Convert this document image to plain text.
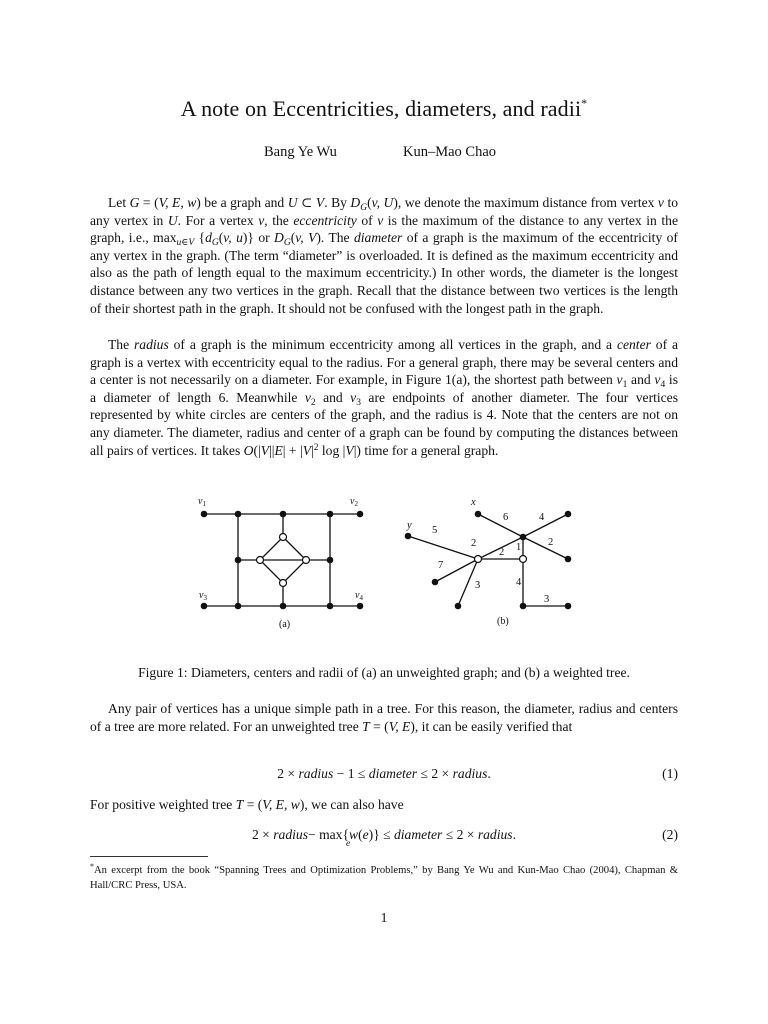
A note on Eccentricities, diameters, and radii*
Bang Ye Wu	Kun–Mao Chao

Let G = (V, E, w) be a graph and U ⊂ V. By $D_G(v$, U), we denote the maximum distance from vertex v to any vertex in U. For a vertex v, the eccentricity of v is the maximum of the distance to any vertex in the graph, i.e., $\max_{u\in V} \{d_G(v$, u)} or $D_G(v$, V). The diameter of a graph is the maximum of the eccentricity of any vertex in the graph. (The term “diameter” is overloaded. It is defined as the maximum eccentricity and also as the path of length equal to the maximum eccentricity.) In other words, the diameter is the longest distance between any two vertices in the graph. Recall that the distance between two vertices is the length of their shortest path in the graph. It should not be confused with the longest path in the graph.

The radius of a graph is the minimum eccentricity among all vertices in the graph, and a center of a graph is a vertex with eccentricity equal to the radius. For a general graph, there may be several centers and a center is not necessarily on a diameter. For example, in Figure 1(a), the shortest path between $v_1$ and $v_4$ is a diameter of length 6. Meanwhile $v_2$ and $v_3$ are endpoints of another diameter. The four vertices represented by white circles are centers of the graph, and the radius is 4. Note that the centers are not on any diameter. The diameter, radius and center of a graph can be found by computing the distances between all pairs of vertices. It takes $O(|V||E| + |V|^2$ log |V|) time for a general graph.

$v_1$	$v_2$
$v_3$	$v_4$
(a)
x
y 5
2
7
3
2 1
6	4
2
4
3
(b)
Figure 1: Diameters, centers and radii of (a) an unweighted graph; and (b) a weighted tree.

Any pair of vertices has a unique simple path in a tree. For this reason, the diameter, radius and centers of a tree are more related. For an unweighted tree T = (V, E), it can be easily verified that

2 × radius − 1 ≤ diameter ≤ 2 × radius.	(1)

For positive weighted tree T = (V, E, w), we can also have

2 × radius− max
e
{w(e)} ≤ diameter ≤ 2 × radius.	(2)

*An excerpt from the book “Spanning Trees and Optimization Problems,” by Bang Ye Wu and Kun-Mao Chao (2004), Chapman & Hall/CRC Press, USA.

1
